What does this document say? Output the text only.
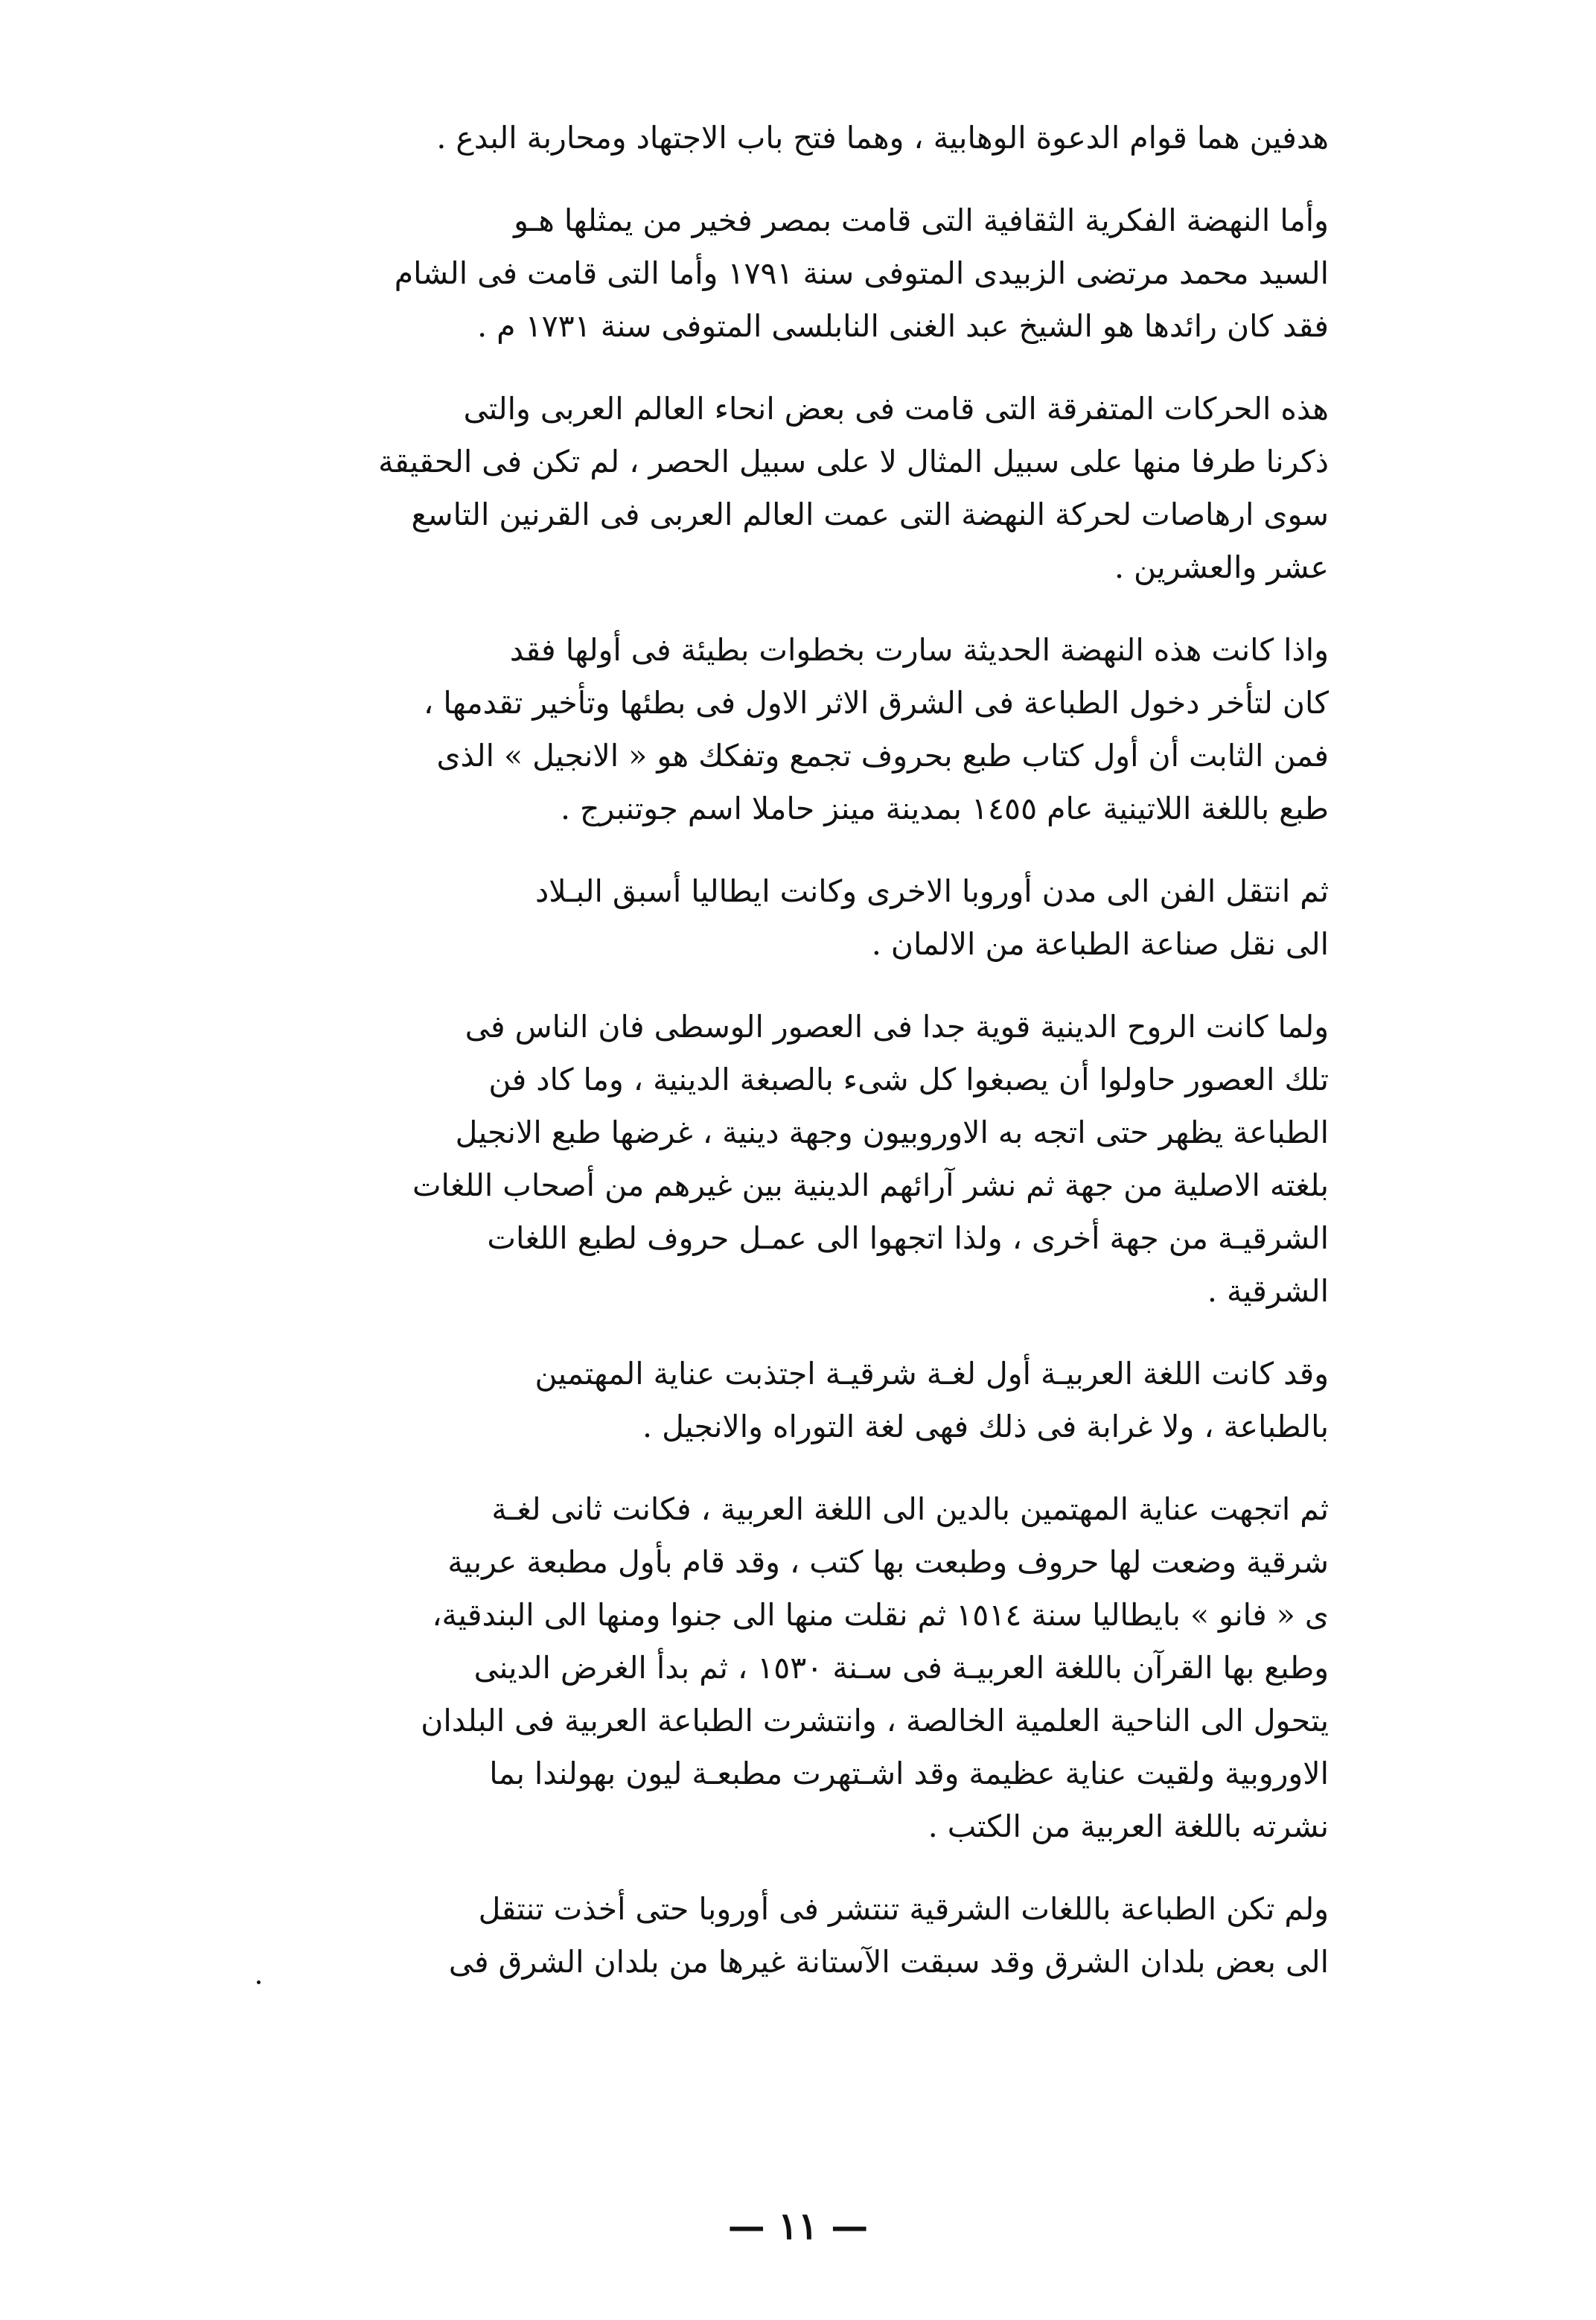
هدفين هما قوام الدعوة الوهابية ، وهما فتح باب الاجتهاد ومحاربة البدع .
وأما النهضة الفكرية الثقافية التى قامت بمصر فخير من يمثلها هـو
السيد محمد مرتضى الزبيدى المتوفى سنة ١٧٩١ وأما التى قامت فى الشام
فقد كان رائدها هو الشيخ عبد الغنى النابلسى المتوفى سنة ١٧٣١ م .
هذه الحركات المتفرقة التى قامت فى بعض انحاء العالم العربى والتى
ذكرنا طرفا منها على سبيل المثال لا على سبيل الحصر ، لم تكن فى الحقيقة
سوى ارهاصات لحركة النهضة التى عمت العالم العربى فى القرنين التاسع
عشر والعشرين .
واذا كانت هذه النهضة الحديثة سارت بخطوات بطيئة فى أولها فقد
كان لتأخر دخول الطباعة فى الشرق الاثر الاول فى بطئها وتأخير تقدمها ،
فمن الثابت أن أول كتاب طبع بحروف تجمع وتفكك هو « الانجيل » الذى
طبع باللغة اللاتينية عام ١٤٥٥ بمدينة مينز حاملا اسم جوتنبرج .
ثم انتقل الفن الى مدن أوروبا الاخرى وكانت ايطاليا أسبق البـلاد
الى نقل صناعة الطباعة من الالمان .
ولما كانت الروح الدينية قوية جدا فى العصور الوسطى فان الناس فى
تلك العصور حاولوا أن يصبغوا كل شىء بالصبغة الدينية ، وما كاد فن
الطباعة يظهر حتى اتجه به الاوروبيون وجهة دينية ، غرضها طبع الانجيل
بلغته الاصلية من جهة ثم نشر آرائهم الدينية بين غيرهم من أصحاب اللغات
الشرقيـة من جهة أخرى ، ولذا اتجهوا الى عمـل حروف لطبع اللغات
الشرقية .
وقد كانت اللغة العربيـة أول لغـة شرقيـة اجتذبت عناية المهتمين
بالطباعة ، ولا غرابة فى ذلك فهى لغة التوراه والانجيل .
ثم اتجهت عناية المهتمين بالدين الى اللغة العربية ، فكانت ثانى لغـة
شرقية وضعت لها حروف وطبعت بها كتب ، وقد قام بأول مطبعة عربية
ى « فانو » بايطاليا سنة ١٥١٤ ثم نقلت منها الى جنوا ومنها الى البندقية،
وطبع بها القرآن باللغة العربيـة فى سـنة ١٥٣٠ ، ثم بدأ الغرض الدينى
يتحول الى الناحية العلمية الخالصة ، وانتشرت الطباعة العربية فى البلدان
الاوروبية ولقيت عناية عظيمة وقد اشـتهرت مطبعـة ليون بهولندا بما
نشرته باللغة العربية من الكتب .
ولم تكن الطباعة باللغات الشرقية تنتشر فى أوروبا حتى أخذت تنتقل
الى بعض بلدان الشرق وقد سبقت الآستانة غيرها من بلدان الشرق فى
— ١١ —
